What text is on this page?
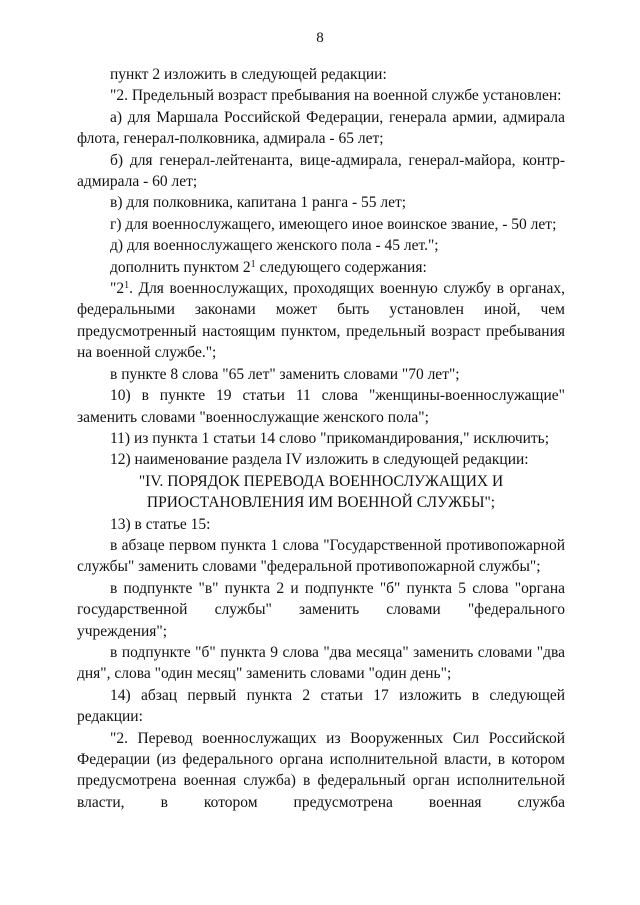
8

пункт 2 изложить в следующей редакции:

"2. Предельный возраст пребывания на военной службе установлен:

а) для Маршала Российской Федерации, генерала армии, адмирала флота, генерал-полковника, адмирала - 65 лет;

б) для генерал-лейтенанта, вице-адмирала, генерал-майора, контр-адмирала - 60 лет;

в) для полковника, капитана 1 ранга - 55 лет;

г) для военнослужащего, имеющего иное воинское звание, - 50 лет;

д) для военнослужащего женского пола - 45 лет.";

дополнить пунктом $2^1$ следующего содержания:

"$2^1$. Для военнослужащих, проходящих военную службу в органах, федеральными законами может быть установлен иной, чем предусмотренный настоящим пунктом, предельный возраст пребывания на военной службе.";

в пункте 8 слова "65 лет" заменить словами "70 лет";

10) в пункте 19 статьи 11 слова "женщины-военнослужащие" заменить словами "военнослужащие женского пола";

11) из пункта 1 статьи 14 слово "прикомандирования," исключить;

12) наименование раздела IV изложить в следующей редакции:

"IV. ПОРЯДОК ПЕРЕВОДА ВОЕННОСЛУЖАЩИХ И ПРИОСТАНОВЛЕНИЯ ИМ ВОЕННОЙ СЛУЖБЫ";

13) в статье 15:

в абзаце первом пункта 1 слова "Государственной противопожарной службы" заменить словами "федеральной противопожарной службы";

в подпункте "в" пункта 2 и подпункте "б" пункта 5 слова "органа государственной службы" заменить словами "федерального учреждения";

в подпункте "б" пункта 9 слова "два месяца" заменить словами "два дня", слова "один месяц" заменить словами "один день";

14) абзац первый пункта 2 статьи 17 изложить в следующей редакции:

"2. Перевод военнослужащих из Вооруженных Сил Российской Федерации (из федерального органа исполнительной власти, в котором предусмотрена военная служба) в федеральный орган исполнительной власти, в котором предусмотрена военная служба
